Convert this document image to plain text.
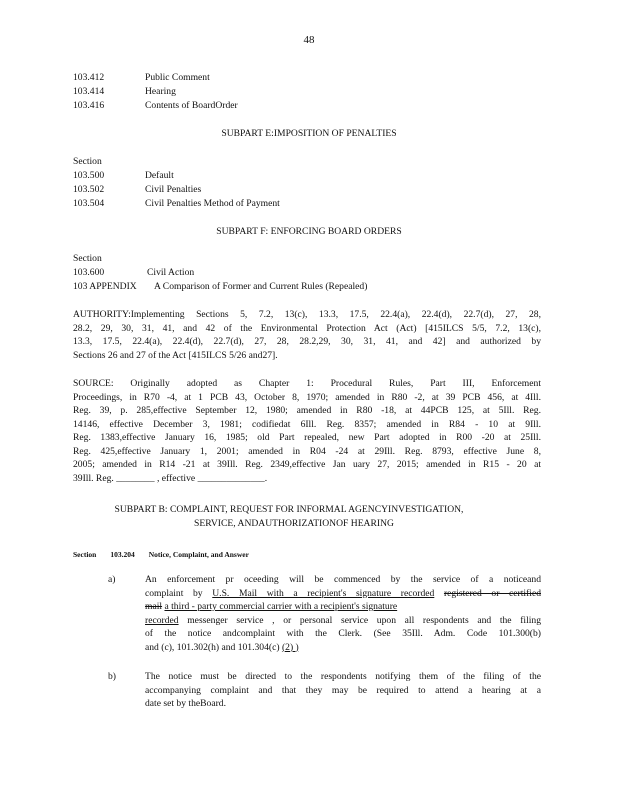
48
103.412	Public Comment
103.414	Hearing
103.416	Contents of BoardOrder
SUBPART E:IMPOSITION OF PENALTIES
Section
103.500	Default
103.502	Civil Penalties
103.504	Civil Penalties Method of Payment
SUBPART F: ENFORCING BOARD ORDERS
Section
103.600	Civil Action
103 APPENDIX A Comparison of Former and Current Rules (Repealed)
AUTHORITY:Implementing Sections 5, 7.2, 13(c), 13.3, 17.5, 22.4(a), 22.4(d), 22.7(d), 27, 28,
28.2, 29, 30, 31, 41, and 42 of the Environmental Protection Act (Act) [415ILCS 5/5, 7.2, 13(c),
13.3, 17.5, 22.4(a), 22.4(d), 22.7(d), 27, 28, 28.2,29, 30, 31, 41, and 42] and authorized by
Sections 26 and 27 of the Act [415ILCS 5/26 and27].
SOURCE: Originally adopted as Chapter 1: Procedural Rules, Part III, Enforcement
Proceedings, in R70 -4, at 1 PCB 43, October 8, 1970; amended in R80 -2, at 39 PCB 456, at 4Ill.
Reg. 39, p. 285,effective September 12, 1980; amended in R80 -18, at 44PCB 125, at 5Ill. Reg.
14146, effective December 3, 1981; codifiedat 6Ill. Reg. 8357; amended in R84 - 10 at 9Ill.
Reg. 1383,effective January 16, 1985; old Part repealed, new Part adopted in R00 -20 at 25Ill.
Reg. 425,effective January 1, 2001; amended in R04 -24 at 29Ill. Reg. 8793, effective June 8,
2005; amended in R14 -21 at 39Ill. Reg. 2349,effective Jan uary 27, 2015; amended in R15 - 20 at
39Ill. Reg. ________ , effective ______________.
SUBPART B: COMPLAINT, REQUEST FOR INFORMAL AGENCYINVESTIGATION,
SERVICE, ANDAUTHORIZATIONOF HEARING
Section 103.204 Notice, Complaint, and Answer
a)	An enforcement pr oceeding will be commenced by the service of a noticeand
complaint by U.S. Mail with a recipient's signature recorded registered or certified
mail a third - party commercial carrier with a recipient's signature
recorded messenger service , or personal service upon all respondents and the filing
of the notice andcomplaint with the Clerk. (See 35Ill. Adm. Code 101.300(b)
and (c), 101.302(h) and 101.304(c) (2) )
b)	The notice must be directed to the respondents notifying them of the filing of the
accompanying complaint and that they may be required to attend a hearing at a
date set by theBoard.
